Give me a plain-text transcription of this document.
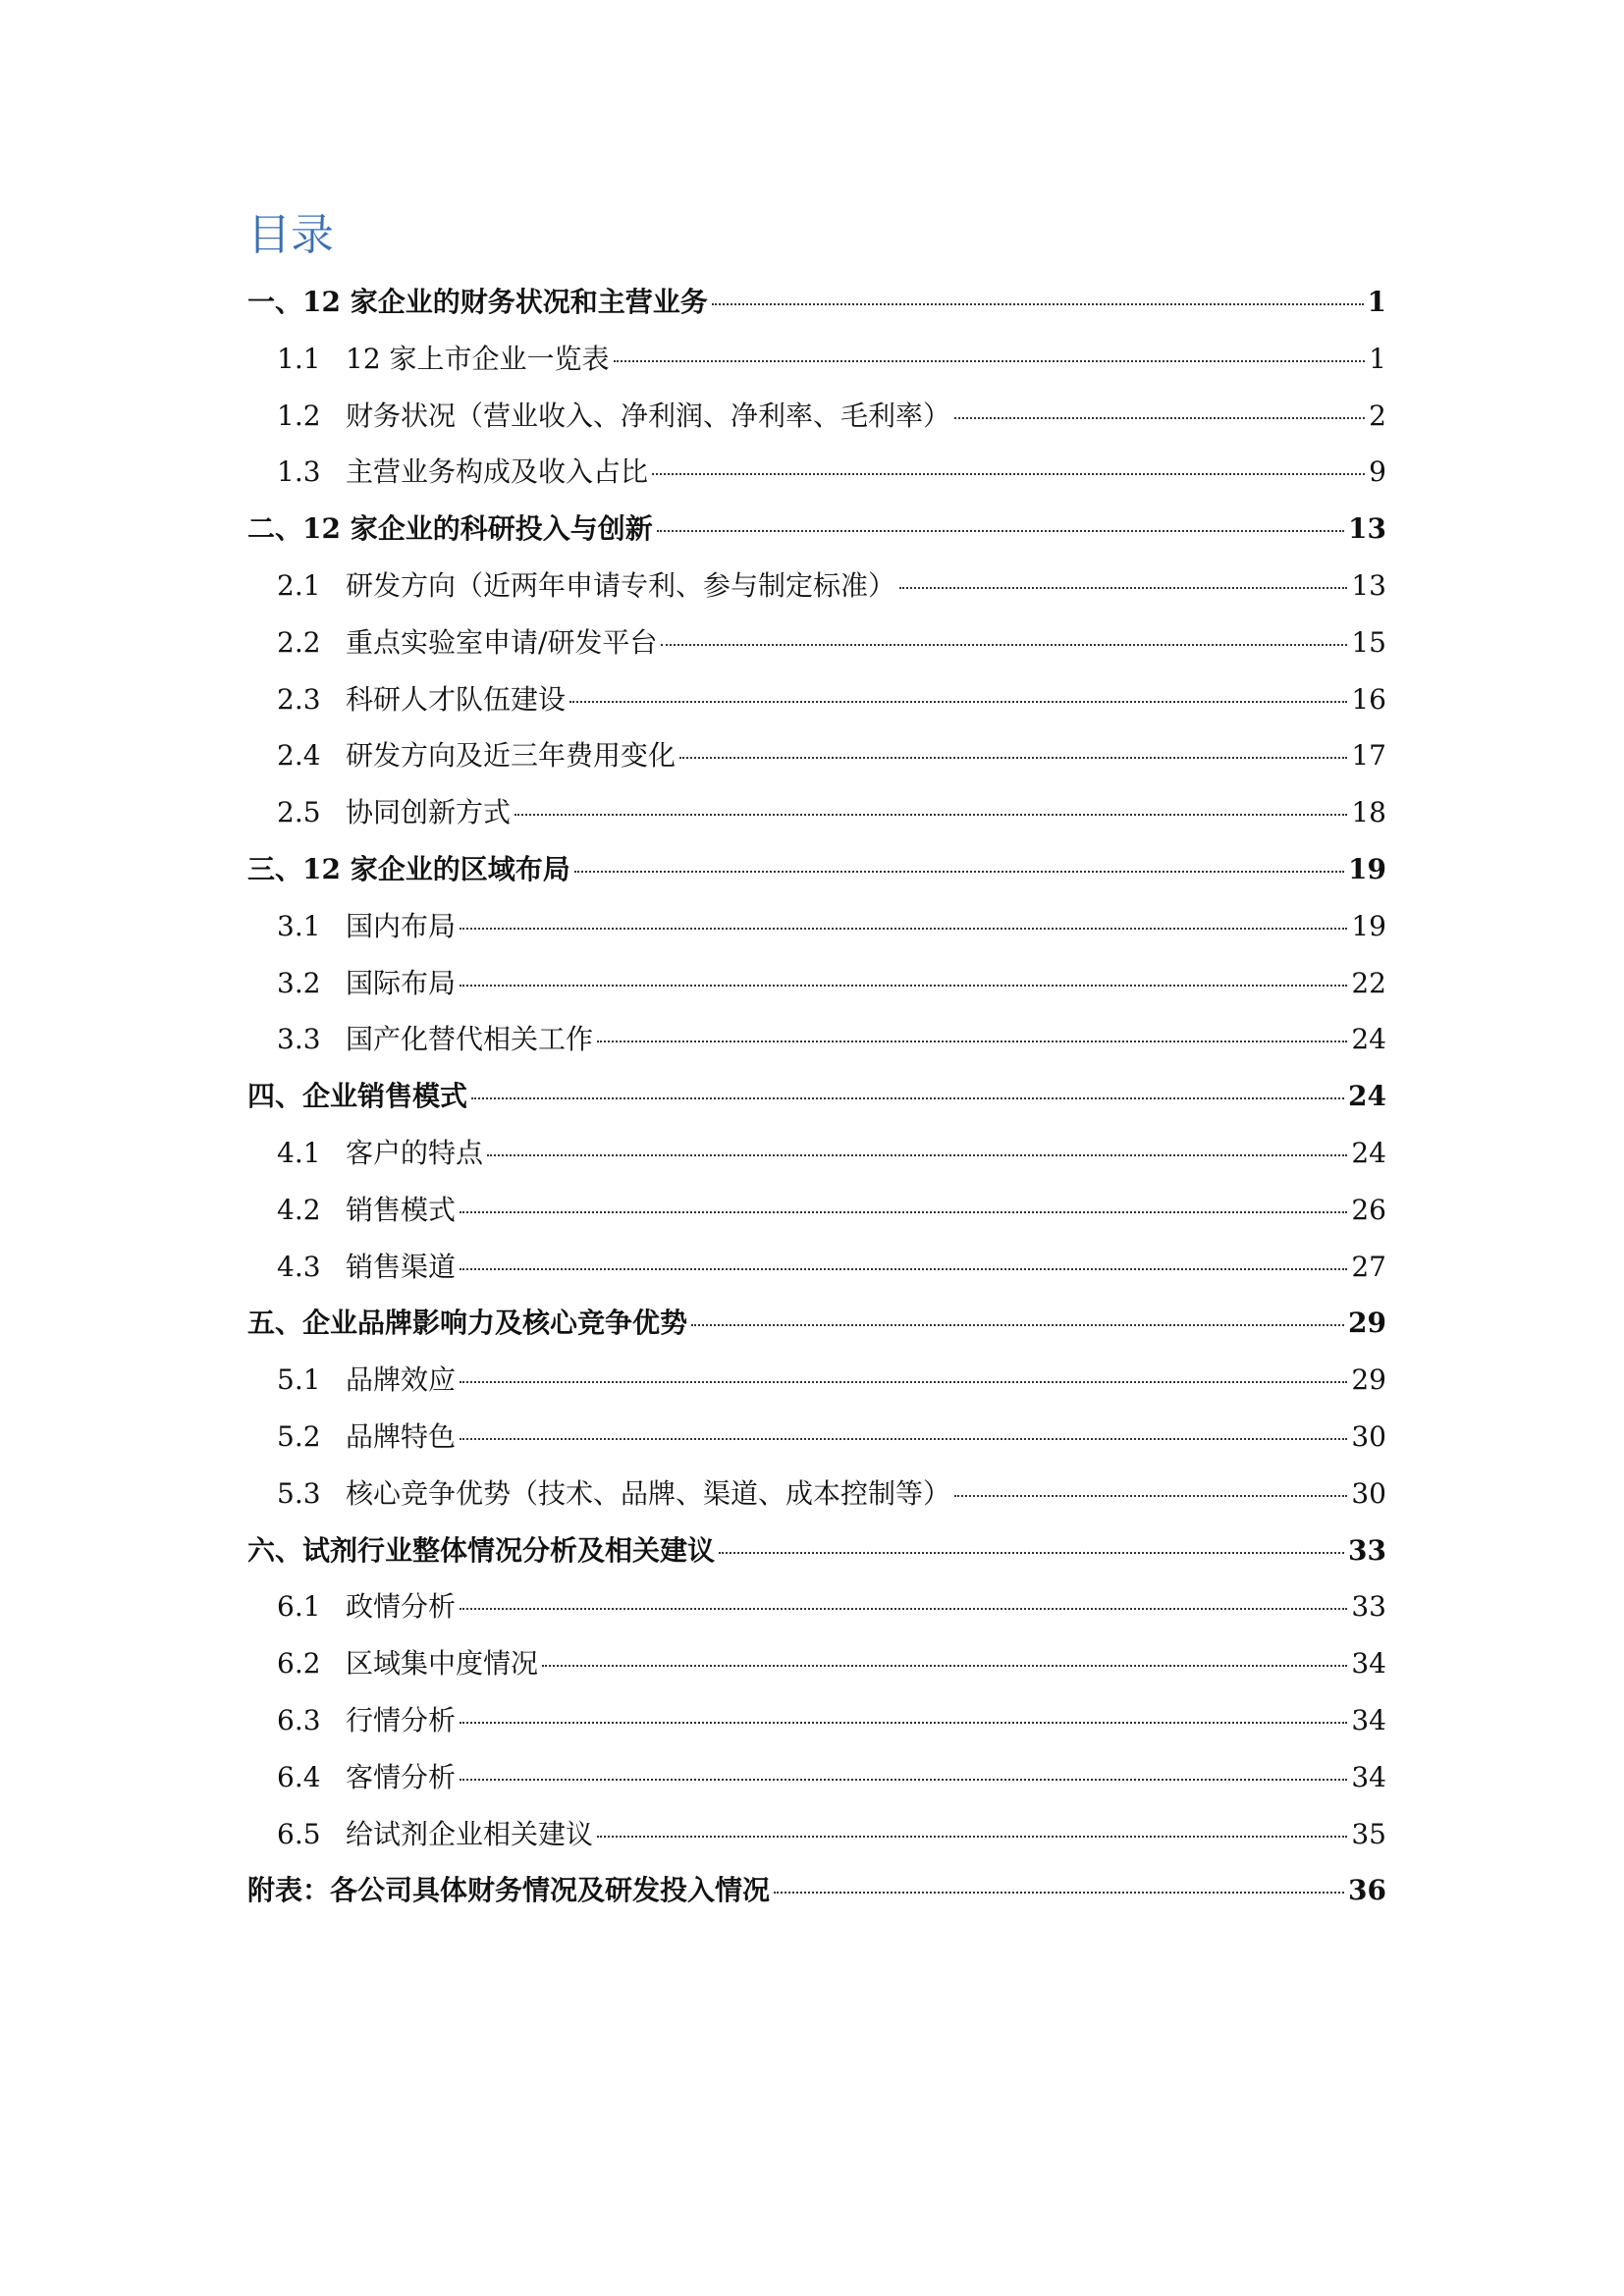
目录
一、12 家企业的财务状况和主营业务	1
1.1 12 家上市企业一览表	1
1.2 财务状况（营业收入、净利润、净利率、毛利率）	2
1.3 主营业务构成及收入占比	9
二、12 家企业的科研投入与创新	13
2.1 研发方向（近两年申请专利、参与制定标准）	13
2.2 重点实验室申请/研发平台	15
2.3 科研人才队伍建设	16
2.4 研发方向及近三年费用变化	17
2.5 协同创新方式	18
三、12 家企业的区域布局	19
3.1 国内布局	19
3.2 国际布局	22
3.3 国产化替代相关工作	24
四、企业销售模式	24
4.1 客户的特点	24
4.2 销售模式	26
4.3 销售渠道	27
五、企业品牌影响力及核心竞争优势	29
5.1 品牌效应	29
5.2 品牌特色	30
5.3 核心竞争优势（技术、品牌、渠道、成本控制等）	30
六、试剂行业整体情况分析及相关建议	33
6.1 政情分析	33
6.2 区域集中度情况	34
6.3 行情分析	34
6.4 客情分析	34
6.5 给试剂企业相关建议	35
附表：各公司具体财务情况及研发投入情况	36
